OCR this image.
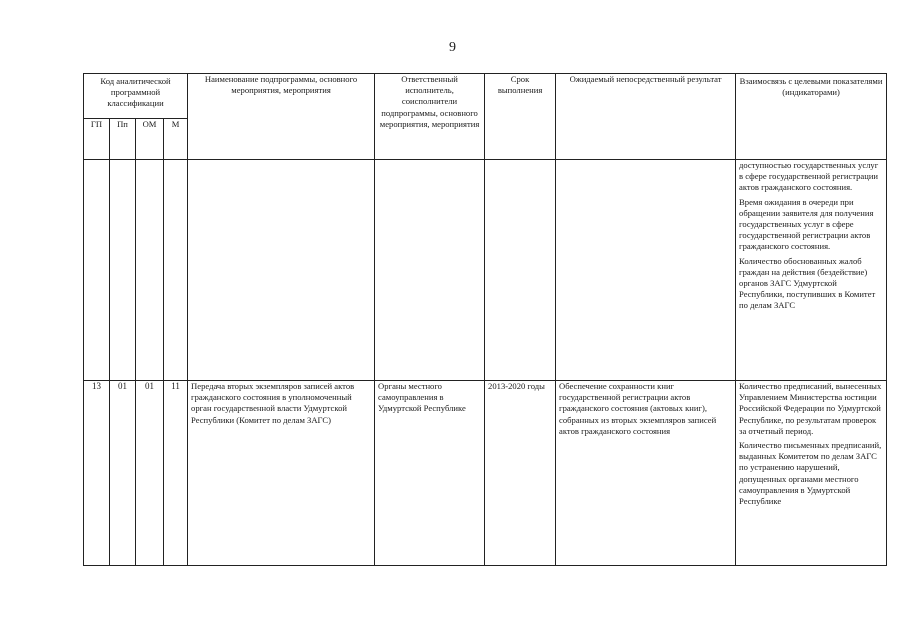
9
Код аналитической программной классификации				Наименование подпрограммы, основного мероприятия, мероприятия	Ответственный исполнитель, соисполнители подпрограммы, основного мероприятия, мероприятия	Срок выполнения	Ожидаемый непосредственный результат	Взаимосвязь с целевыми показателями (индикаторами)
ГП	Пп	ОМ	М					

								доступностью государственных услуг в сфере государственной регистрации актов гражданского состояния.

Время ожидания в очереди при обращении заявителя для получения государственных услуг в сфере государственной регистрации актов гражданского состояния.

Количество обоснованных жалоб граждан на действия (бездействие) органов ЗАГС Удмуртской Республики, поступивших в Комитет по делам ЗАГС

13	01	01	11	Передача вторых экземпляров записей актов гражданского состояния в уполномоченный орган государственной власти Удмуртской Республики (Комитет по делам ЗАГС)	Органы местного самоуправления в Удмуртской Республике	2013-2020 годы	Обеспечение сохранности книг государственной регистрации актов гражданского состояния (актовых книг), собранных из вторых экземпляров записей актов гражданского состояния	Количество предписаний, вынесенных Управлением Министерства юстиции Российской Федерации по Удмуртской Республике, по результатам проверок за отчетный период.

Количество письменных предписаний, выданных Комитетом по делам ЗАГС по устранению нарушений, допущенных органами местного самоуправления в Удмуртской Республике
